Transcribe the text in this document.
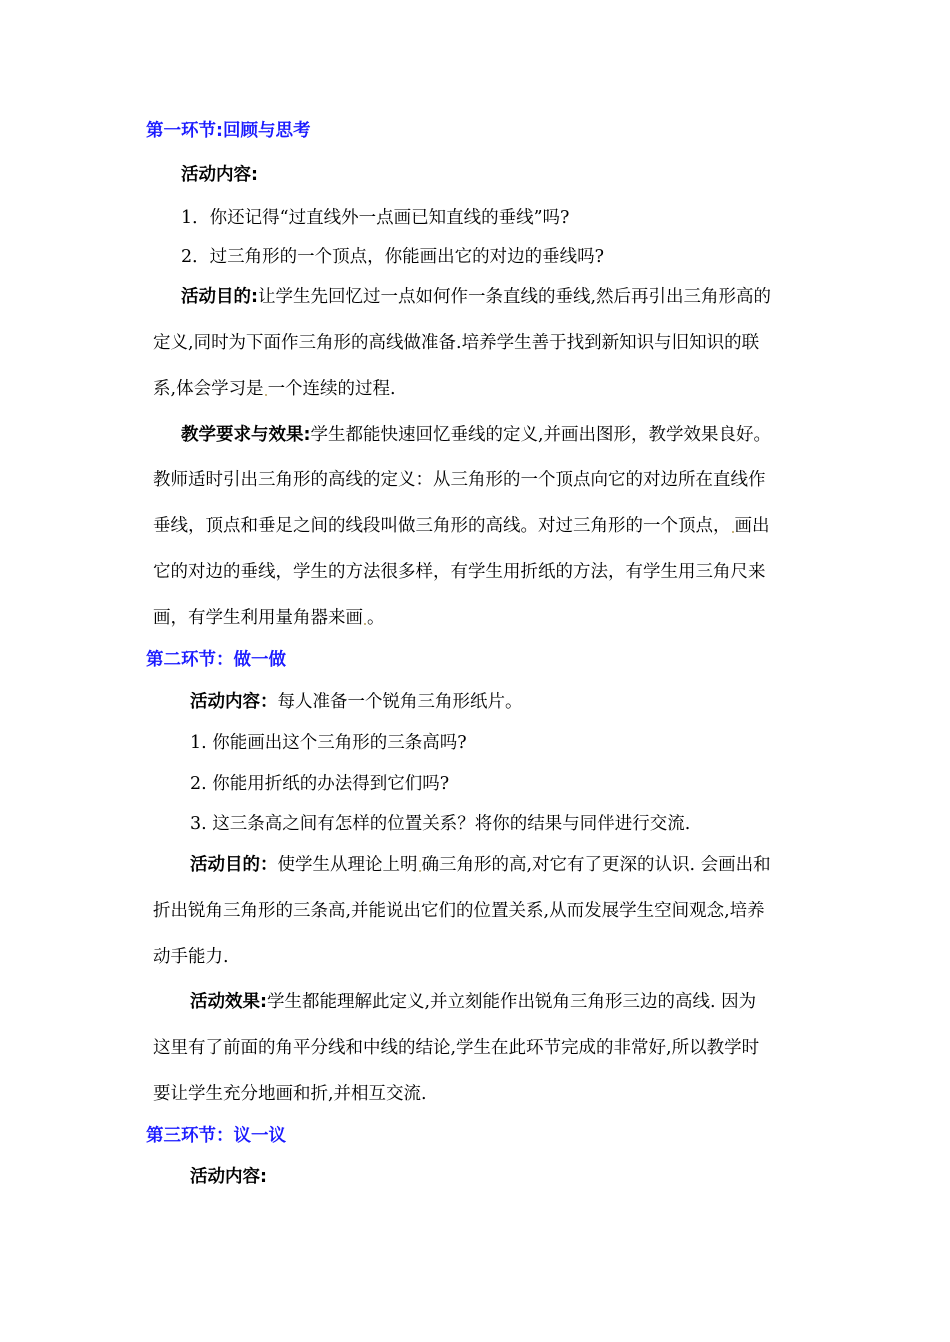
第一环节:回顾与思考
活动内容:
1．你还记得“过直线外一点画已知直线的垂线”吗?
2．过三角形的一个顶点，你能画出它的对边的垂线吗?
活动目的:让学生先回忆过一点如何作一条直线的垂线,然后再引出三角形高的
定义,同时为下面作三角形的高线做准备.培养学生善于找到新知识与旧知识的联
系,体会学习是 一个连续的过程.
教学要求与效果:学生都能快速回忆垂线的定义,并画出图形，教学效果良好。
教师适时引出三角形的高线的定义：从三角形的一个顶点向它的对边所在直线作
垂线，顶点和垂足之间的线段叫做三角形的高线。对过三角形的一个顶点， 画出
它的对边的垂线，学生的方法很多样，有学生用折纸的方法，有学生用三角尺来
画，有学生利用量角器来画 。
第二环节：做一做
活动内容：每人准备一个锐角三角形纸片。
1. 你能画出这个三角形的三条高吗?
2. 你能用折纸的办法得到它们吗?
3. 这三条高之间有怎样的位置关系？将你的结果与同伴进行交流.
活动目的：使学生从理论上明 确三角形的高,对它有了更深的认识. 会画出和
折出锐角三角形的三条高,并能说出它们的位置关系,从而发展学生空间观念,培养
动手能力.
活动效果:学生都能理解此定义,并立刻能作出锐角三角形三边的高线. 因为
这里有了前面的角平分线和中线的结论,学生在此环节完成的非常好,所以教学时
要让学生充分地画和折,并相互交流.
第三环节：议一议
活动内容:
